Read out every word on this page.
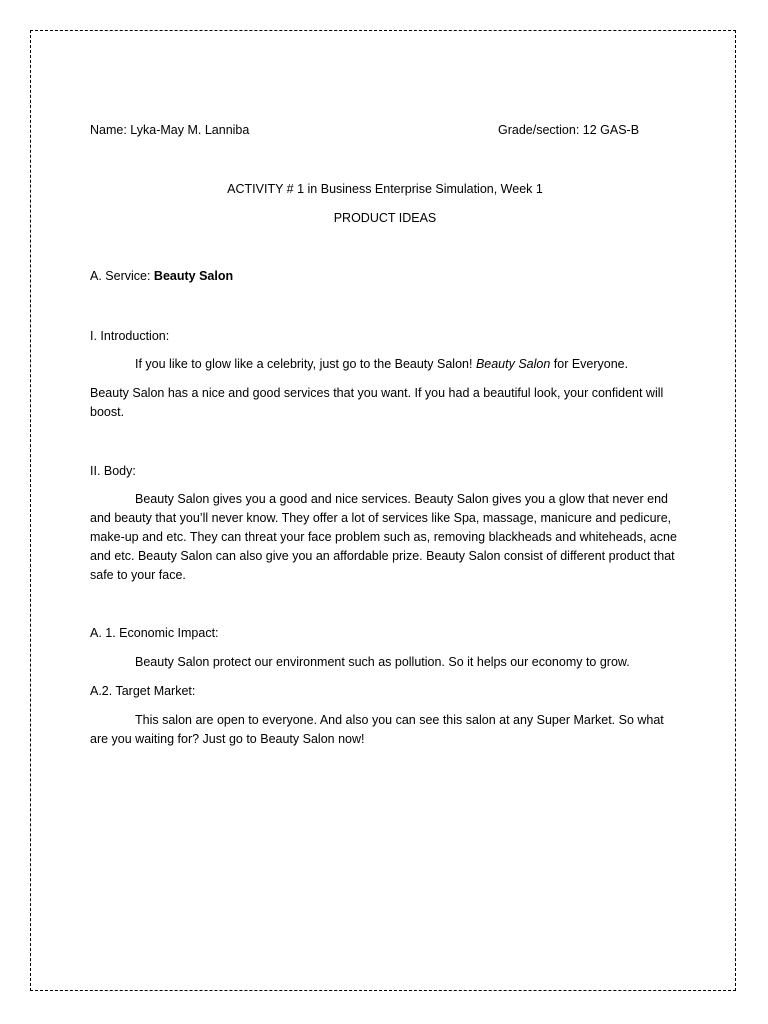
Name: Lyka-May M. Lanniba	Grade/section: 12 GAS-B
ACTIVITY # 1 in Business Enterprise Simulation, Week 1
PRODUCT IDEAS
A. Service: Beauty Salon
I. Introduction:
If you like to glow like a celebrity, just go to the Beauty Salon! Beauty Salon for Everyone.
Beauty Salon has a nice and good services that you want. If you had a beautiful look, your confident will boost.
II. Body:
Beauty Salon gives you a good and nice services. Beauty Salon gives you a glow that never end and beauty that you’ll never know. They offer a lot of services like Spa, massage, manicure and pedicure, make-up and etc. They can threat your face problem such as, removing blackheads and whiteheads, acne and etc. Beauty Salon can also give you an affordable prize. Beauty Salon consist of different product that safe to your face.
A. 1. Economic Impact:
Beauty Salon protect our environment such as pollution. So it helps our economy to grow.
A.2. Target Market:
This salon are open to everyone. And also you can see this salon at any Super Market. So what are you waiting for? Just go to Beauty Salon now!
